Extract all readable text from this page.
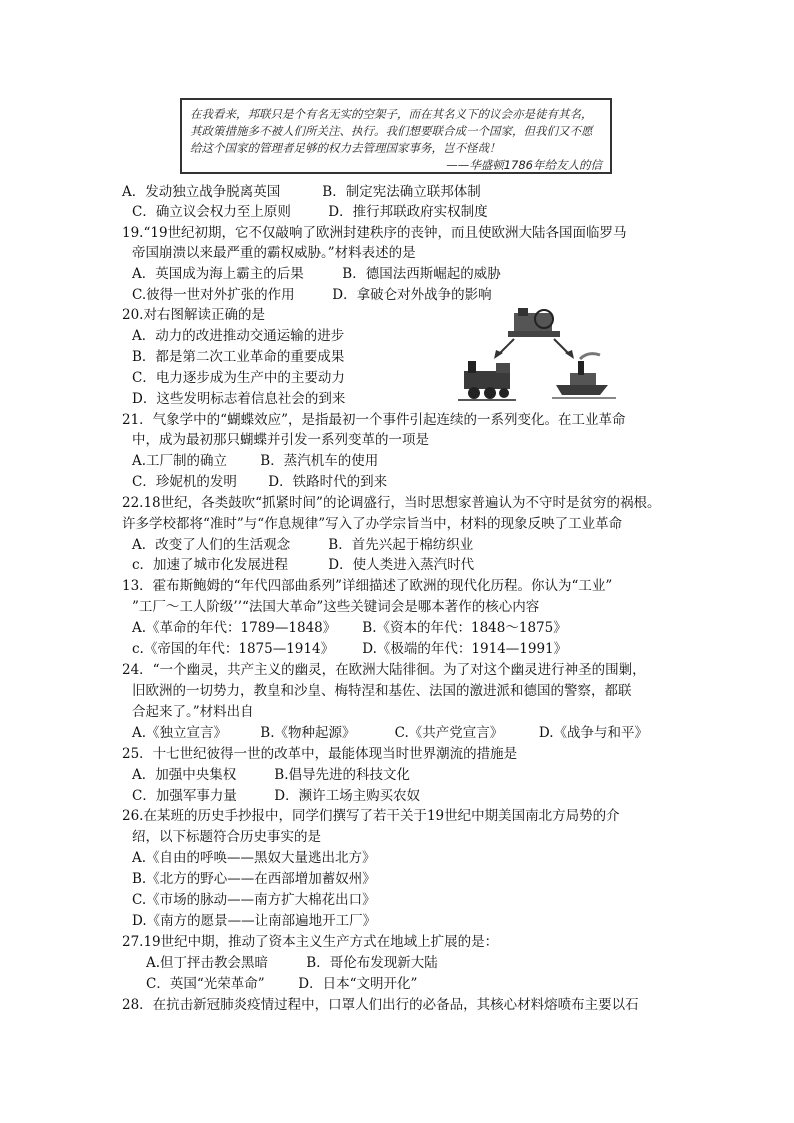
在我看来，邦联只是个有名无实的空架子，而在其名义下的议会亦是徒有其名，其政策措施多不被人们所关注、执行。我们想要联合成一个国家，但我们又不愿给这个国家的管理者足够的权力去管理国家事务，岂不怪哉！
——华盛顿1786年给友人的信
A．发动独立战争脱离英国	B．制定宪法确立联邦体制
C．确立议会权力至上原则	D．推行邦联政府实权制度
19.“19世纪初期，它不仅敲响了欧洲封建秩序的丧钟，而且使欧洲大陆各国面临罗马
帝国崩溃以来最严重的霸权威胁。”材料表述的是
A．英国成为海上霸主的后果	B．德国法西斯崛起的威胁
C.彼得一世对外扩张的作用	D．拿破仑对外战争的影响
20.对右图解读正确的是
A．动力的改进推动交通运输的进步
B．都是第二次工业革命的重要成果
C．电力逐步成为生产中的主要动力
D．这些发明标志着信息社会的到来
21．气象学中的“蝴蝶效应”，是指最初一个事件引起连续的一系列变化。在工业革命
中，成为最初那只蝴蝶并引发一系列变革的一项是
A.工厂制的确立 B．蒸汽机车的使用
C．珍妮机的发明 D．铁路时代的到来
22.18世纪，各类鼓吹“抓紧时间”的论调盛行，当时思想家普遍认为不守时是贫穷的祸根。
许多学校都将“准时”与“作息规律”写入了办学宗旨当中，材料的现象反映了工业革命
A．改变了人们的生活观念	B．首先兴起于棉纺织业
c．加速了城市化发展进程	D．使人类进入蒸汽时代
13．霍布斯鲍姆的“年代四部曲系列”详细描述了欧洲的现代化历程。你认为“工业”
”工厂～工人阶级’’“法国大革命”这些关键词会是哪本著作的核心内容
A.《革命的年代：1789—1848》 B.《资本的年代：1848～1875》
c.《帝国的年代：1875—1914》 D.《极端的年代：1914—1991》
24．“一个幽灵，共产主义的幽灵，在欧洲大陆徘徊。为了对这个幽灵进行神圣的围剿，
旧欧洲的一切势力，教皇和沙皇、梅特涅和基佐、法国的激进派和德国的警察，都联
合起来了。”材料出自
A.《独立宣言》 B.《物种起源》	C.《共产党宣言》	D.《战争与和平》
25．十七世纪彼得一世的改革中，最能体现当时世界潮流的措施是
A．加强中央集权	B.倡导先进的科技文化
C．加强军事力量	D．濒许工场主购买农奴
26.在某班的历史手抄报中，同学们撰写了若干关于19世纪中期美国南北方局势的介
绍，以下标题符合历史事实的是
A.《自由的呼唤——黑奴大量逃出北方》
B.《北方的野心——在西部增加蓄奴州》
C.《市场的脉动——南方扩大棉花出口》
D.《南方的愿景——让南部遍地开工厂》
27.19世纪中期，推动了资本主义生产方式在地域上扩展的是：
A.但丁抨击教会黑暗	B．哥伦布发现新大陆
C．英国“光荣革命” D．日本“文明开化”
28．在抗击新冠肺炎疫情过程中，口罩人们出行的必备品，其核心材料熔喷布主要以石
